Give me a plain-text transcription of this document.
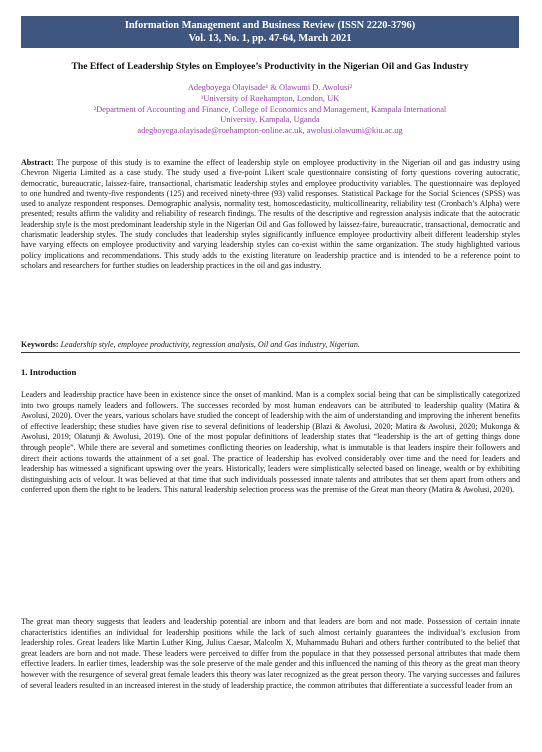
Information Management and Business Review (ISSN 2220-3796)
Vol. 13, No. 1, pp. 47-64, March 2021
The Effect of Leadership Styles on Employee’s Productivity in the Nigerian Oil and Gas Industry
Adegboyega Olayisade¹ & Olawumi D. Awolusi²
¹University of Roehampton, London, UK
²Department of Accounting and Finance, College of Economics and Management, Kampala International
University, Kampala, Uganda
adegboyega.olayisade@roehampton-online.ac.uk, awolusi.olawumi@kiu.ac.ug
Abstract: The purpose of this study is to examine the effect of leadership style on employee productivity in the Nigerian oil and gas industry using Chevron Nigeria Limited as a case study. The study used a five-point Likert scale questionnaire consisting of forty questions covering autocratic, democratic, bureaucratic, laissez-faire, transactional, charismatic leadership styles and employee productivity variables. The questionnaire was deployed to one hundred and twenty-five respondents (125) and received ninety-three (93) valid responses. Statistical Package for the Social Sciences (SPSS) was used to analyze respondent responses. Demographic analysis, normality test, homoscedasticity, multicollinearity, reliability test (Cronbach’s Alpha) were presented; results affirm the validity and reliability of research findings. The results of the descriptive and regression analysis indicate that the autocratic leadership style is the most predominant leadership style in the Nigerian Oil and Gas followed by laissez-faire, bureaucratic, transactional, democratic and charismatic leadership styles. The study concludes that leadership styles significantly influence employee productivity albeit different leadership styles have varying effects on employee productivity and varying leadership styles can co-exist within the same organization. The study highlighted various policy implications and recommendations. This study adds to the existing literature on leadership practice and is intended to be a reference point to scholars and researchers for further studies on leadership practices in the oil and gas industry.
Keywords: Leadership style, employee productivity, regression analysis, Oil and Gas industry, Nigerian.
1. Introduction
Leaders and leadership practice have been in existence since the onset of mankind. Man is a complex social being that can be simplistically categorized into two groups namely leaders and followers. The successes recorded by most human endeavors can be attributed to leadership quality (Matira & Awolusi, 2020). Over the years, various scholars have studied the concept of leadership with the aim of understanding and improving the inherent benefits of effective leadership; these studies have given rise to several definitions of leadership (Blazi & Awolusi, 2020; Matira & Awolusi, 2020; Mukonga & Awolusi, 2019; Olatunji & Awolusi, 2019). One of the most popular definitions of leadership states that “leadership is the art of getting things done through people”. While there are several and sometimes conflicting theories on leadership, what is immutable is that leaders inspire their followers and direct their actions towards the attainment of a set goal. The practice of leadership has evolved considerably over time and the need for leaders and leadership has witnessed a significant upswing over the years. Historically, leaders were simplistically selected based on lineage, wealth or by exhibiting distinguishing acts of velour. It was believed at that time that such individuals possessed innate talents and attributes that set them apart from others and conferred upon them the right to be leaders. This natural leadership selection process was the premise of the Great man theory (Matira & Awolusi, 2020).
The great man theory suggests that leaders and leadership potential are inborn and that leaders are born and not made. Possession of certain innate characteristics identifies an individual for leadership positions while the lack of such almost certainly guarantees the individual’s exclusion from leadership roles. Great leaders like Martin Luther King, Julius Caesar, Malcolm X, Muhammadu Buhari and others further contributed to the belief that great leaders are born and not made. These leaders were perceived to differ from the populace in that they possessed personal attributes that made them effective leaders. In earlier times, leadership was the sole preserve of the male gender and this influenced the naming of this theory as the great man theory however with the resurgence of several great female leaders this theory was later recognized as the great person theory. The varying successes and failures of several leaders resulted in an increased interest in the study of leadership practice, the common attributes that differentiate a successful leader from an
